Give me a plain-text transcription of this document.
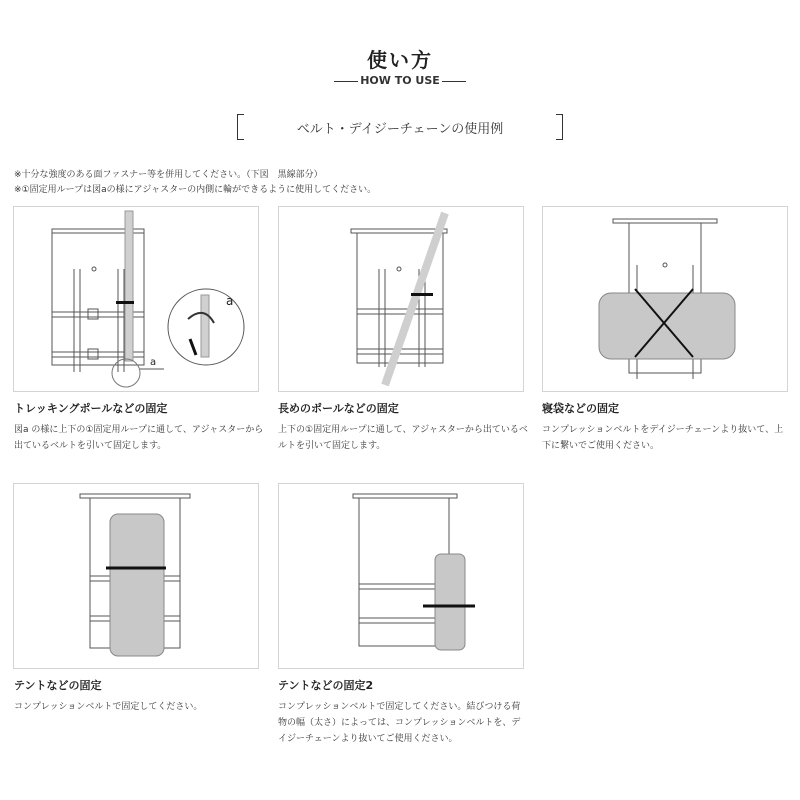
使い方
HOW TO USE
ベルト・デイジーチェーンの使用例
※十分な強度のある面ファスナー等を併用してください。（下図　黒線部分）
※①固定用ループは図aの様にアジャスターの内側に輪ができるように使用してください。
a
a
トレッキングポールなどの固定
図a の様に上下の①固定用ループに通して、アジャスターから出ているベルトを引いて固定します。
長めのポールなどの固定
上下の①固定用ループに通して、アジャスターから出ているベルトを引いて固定します。
寝袋などの固定
コンプレッションベルトをデイジーチェーンより抜いて、上下に繋いでご使用ください。
テントなどの固定
コンプレッションベルトで固定してください。
テントなどの固定2
コンプレッションベルトで固定してください。結びつける荷物の幅（太さ）によっては、コンプレッションベルトを、デイジーチェーンより抜いてご使用ください。
